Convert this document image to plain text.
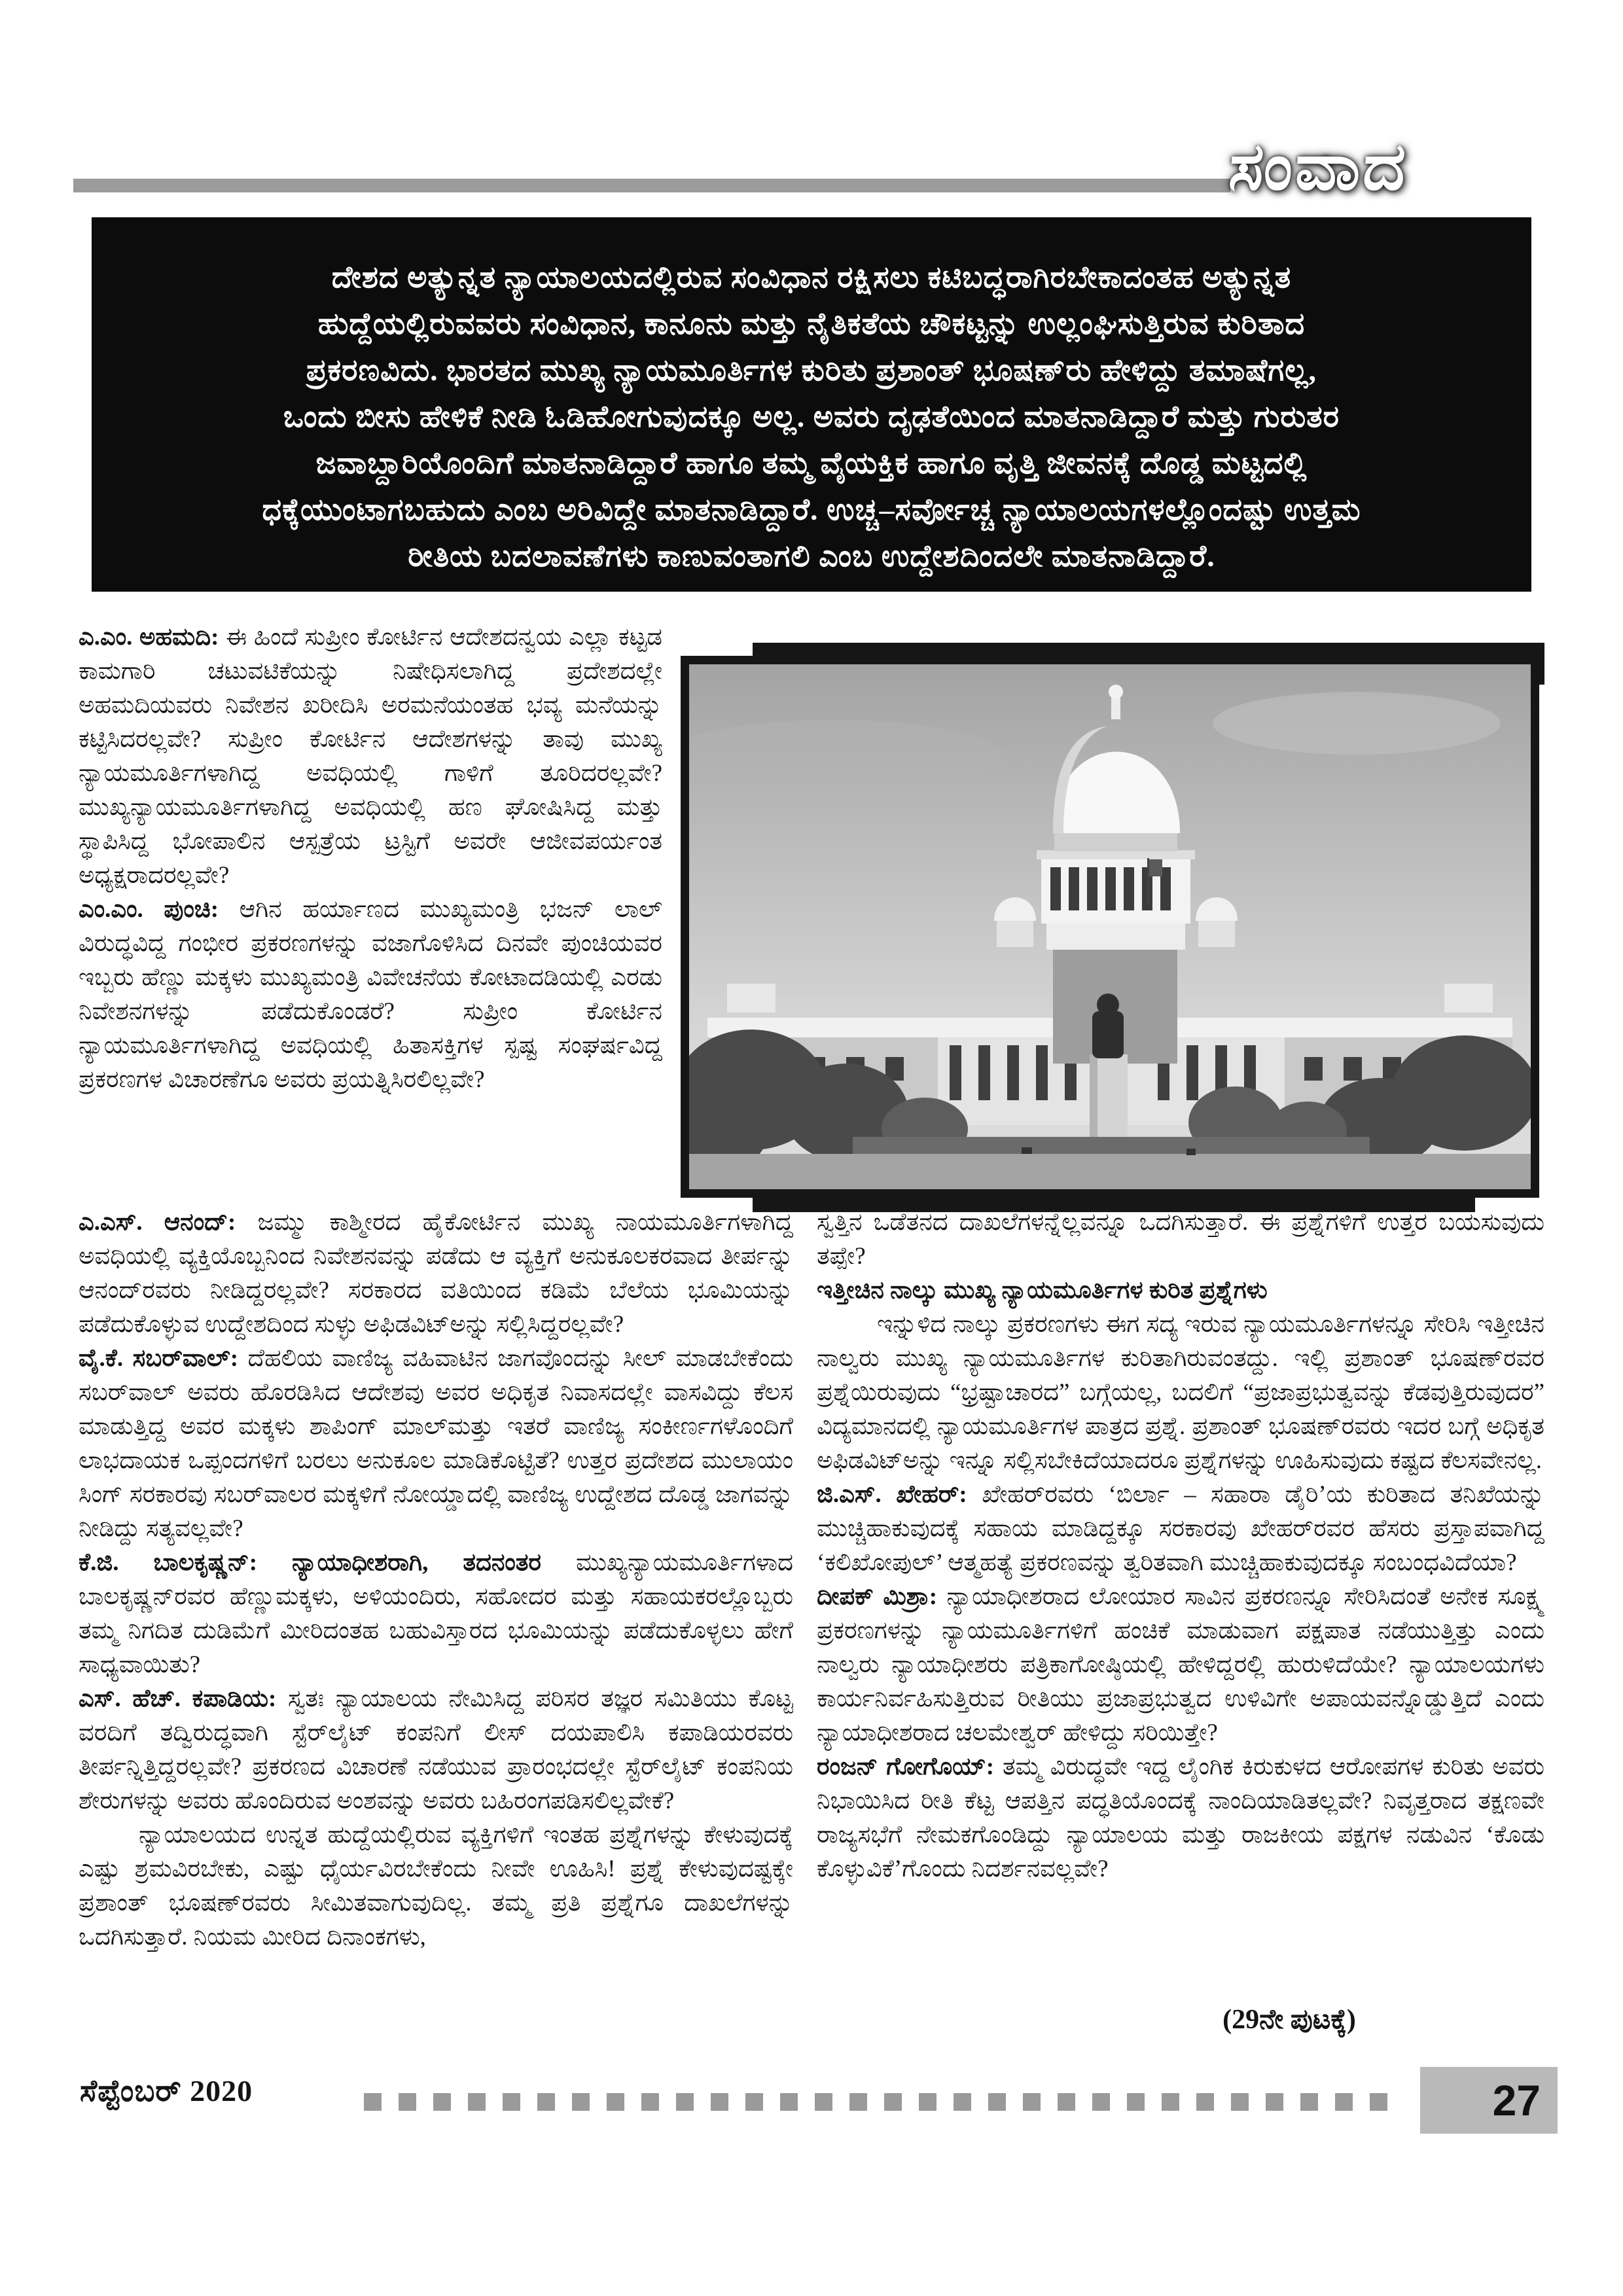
ಸಂವಾದ
ದೇಶದ ಅತ್ಯುನ್ನತ ನ್ಯಾಯಾಲಯದಲ್ಲಿರುವ ಸಂವಿಧಾನ ರಕ್ಷಿಸಲು ಕಟಿಬದ್ಧರಾಗಿರಬೇಕಾದಂತಹ ಅತ್ಯುನ್ನತ
ಹುದ್ದೆಯಲ್ಲಿರುವವರು ಸಂವಿಧಾನ, ಕಾನೂನು ಮತ್ತು ನೈತಿಕತೆಯ ಚೌಕಟ್ಟನ್ನು ಉಲ್ಲಂಘಿಸುತ್ತಿರುವ ಕುರಿತಾದ
ಪ್ರಕರಣವಿದು. ಭಾರತದ ಮುಖ್ಯ ನ್ಯಾಯಮೂರ್ತಿಗಳ ಕುರಿತು ಪ್ರಶಾಂತ್ ಭೂಷಣ್‌ರು ಹೇಳಿದ್ದು ತಮಾಷೆಗಲ್ಲ,
ಒಂದು ಬೀಸು ಹೇಳಿಕೆ ನೀಡಿ ಓಡಿಹೋಗುವುದಕ್ಕೂ ಅಲ್ಲ. ಅವರು ದೃಢತೆಯಿಂದ ಮಾತನಾಡಿದ್ದಾರೆ ಮತ್ತು ಗುರುತರ
ಜವಾಬ್ದಾರಿಯೊಂದಿಗೆ ಮಾತನಾಡಿದ್ದಾರೆ ಹಾಗೂ ತಮ್ಮ ವೈಯಕ್ತಿಕ ಹಾಗೂ ವೃತ್ತಿ ಜೀವನಕ್ಕೆ ದೊಡ್ಡ ಮಟ್ಟದಲ್ಲಿ
ಧಕ್ಕೆಯುಂಟಾಗಬಹುದು ಎಂಬ ಅರಿವಿದ್ದೇ ಮಾತನಾಡಿದ್ದಾರೆ. ಉಚ್ಚ–ಸರ್ವೋಚ್ಚ ನ್ಯಾಯಾಲಯಗಳಲ್ಲೊಂದಷ್ಟು ಉತ್ತಮ
ರೀತಿಯ ಬದಲಾವಣೆಗಳು ಕಾಣುವಂತಾಗಲಿ ಎಂಬ ಉದ್ದೇಶದಿಂದಲೇ ಮಾತನಾಡಿದ್ದಾರೆ.

ಎ.ಎಂ. ಅಹಮದಿ: ಈ ಹಿಂದೆ ಸುಪ್ರೀಂ ಕೋರ್ಟಿನ ಆದೇಶದನ್ವಯ ಎಲ್ಲಾ ಕಟ್ಟಡ ಕಾಮಗಾರಿ ಚಟುವಟಿಕೆಯನ್ನು ನಿಷೇಧಿಸಲಾಗಿದ್ದ ಪ್ರದೇಶದಲ್ಲೇ ಅಹಮದಿಯವರು ನಿವೇಶನ ಖರೀದಿಸಿ ಅರಮನೆಯಂತಹ ಭವ್ಯ ಮನೆಯನ್ನು ಕಟ್ಟಿಸಿದರಲ್ಲವೇ? ಸುಪ್ರೀಂ ಕೋರ್ಟಿನ ಆದೇಶಗಳನ್ನು ತಾವು ಮುಖ್ಯ ನ್ಯಾಯಮೂರ್ತಿಗಳಾಗಿದ್ದ ಅವಧಿಯಲ್ಲಿ ಗಾಳಿಗೆ ತೂರಿದರಲ್ಲವೇ? ಮುಖ್ಯನ್ಯಾಯಮೂರ್ತಿಗಳಾಗಿದ್ದ ಅವಧಿಯಲ್ಲಿ ಹಣ ಘೋಷಿಸಿದ್ದ ಮತ್ತು ಸ್ಥಾಪಿಸಿದ್ದ ಭೋಪಾಲಿನ ಆಸ್ಪತ್ರೆಯ ಟ್ರಸ್ಟಿಗೆ ಅವರೇ ಆಜೀವಪರ್ಯಂತ ಅಧ್ಯಕ್ಷರಾದರಲ್ಲವೇ?

ಎಂ.ಎಂ. ಪುಂಚಿ: ಆಗಿನ ಹರ್ಯಾಣದ ಮುಖ್ಯಮಂತ್ರಿ ಭಜನ್ ಲಾಲ್ ವಿರುದ್ಧವಿದ್ದ ಗಂಭೀರ ಪ್ರಕರಣಗಳನ್ನು ವಜಾಗೊಳಿಸಿದ ದಿನವೇ ಪುಂಚಿಯವರ ಇಬ್ಬರು ಹೆಣ್ಣು ಮಕ್ಕಳು ಮುಖ್ಯಮಂತ್ರಿ ವಿವೇಚನೆಯ ಕೋಟಾದಡಿಯಲ್ಲಿ ಎರಡು ನಿವೇಶನಗಳನ್ನು ಪಡೆದುಕೊಂಡರೆ? ಸುಪ್ರೀಂ ಕೋರ್ಟಿನ ನ್ಯಾಯಮೂರ್ತಿಗಳಾಗಿದ್ದ ಅವಧಿಯಲ್ಲಿ ಹಿತಾಸಕ್ತಿಗಳ ಸ್ಪಷ್ಟ ಸಂಘರ್ಷವಿದ್ದ ಪ್ರಕರಣಗಳ ವಿಚಾರಣೆಗೂ ಅವರು ಪ್ರಯತ್ನಿಸಿರಲಿಲ್ಲವೇ?

ಎ.ಎಸ್. ಆನಂದ್: ಜಮ್ಮು ಕಾಶ್ಮೀರದ ಹೈಕೋರ್ಟಿನ ಮುಖ್ಯ ನಾಯಮೂರ್ತಿಗಳಾಗಿದ್ದ ಅವಧಿಯಲ್ಲಿ ವ್ಯಕ್ತಿಯೊಬ್ಬನಿಂದ ನಿವೇಶನವನ್ನು ಪಡೆದು ಆ ವ್ಯಕ್ತಿಗೆ ಅನುಕೂಲಕರವಾದ ತೀರ್ಪನ್ನು ಆನಂದ್‌ರವರು ನೀಡಿದ್ದರಲ್ಲವೇ? ಸರಕಾರದ ವತಿಯಿಂದ ಕಡಿಮೆ ಬೆಲೆಯ ಭೂಮಿಯನ್ನು ಪಡೆದುಕೊಳ್ಳುವ ಉದ್ದೇಶದಿಂದ ಸುಳ್ಳು ಅಫಿಡವಿಟ್‌ಅನ್ನು ಸಲ್ಲಿಸಿದ್ದರಲ್ಲವೇ?

ವೈ.ಕೆ. ಸಬರ್‌ವಾಲ್: ದೆಹಲಿಯ ವಾಣಿಜ್ಯ ವಹಿವಾಟಿನ ಜಾಗವೊಂದನ್ನು ಸೀಲ್ ಮಾಡಬೇಕೆಂದು ಸಬರ್‌ವಾಲ್ ಅವರು ಹೊರಡಿಸಿದ ಆದೇಶವು ಅವರ ಅಧಿಕೃತ ನಿವಾಸದಲ್ಲೇ ವಾಸವಿದ್ದು ಕೆಲಸ ಮಾಡುತ್ತಿದ್ದ ಅವರ ಮಕ್ಕಳು ಶಾಪಿಂಗ್ ಮಾಲ್‌ಮತ್ತು ಇತರೆ ವಾಣಿಜ್ಯ ಸಂಕೀರ್ಣಗಳೊಂದಿಗೆ ಲಾಭದಾಯಕ ಒಪ್ಪಂದಗಳಿಗೆ ಬರಲು ಅನುಕೂಲ ಮಾಡಿಕೊಟ್ಟಿತೆ? ಉತ್ತರ ಪ್ರದೇಶದ ಮುಲಾಯಂ ಸಿಂಗ್ ಸರಕಾರವು ಸಬರ್‌ವಾಲರ ಮಕ್ಕಳಿಗೆ ನೋಯ್ಡಾದಲ್ಲಿ ವಾಣಿಜ್ಯ ಉದ್ದೇಶದ ದೊಡ್ಡ ಜಾಗವನ್ನು ನೀಡಿದ್ದು ಸತ್ಯವಲ್ಲವೇ?

ಕೆ.ಜಿ. ಬಾಲಕೃಷ್ಣನ್: ನ್ಯಾಯಾಧೀಶರಾಗಿ, ತದನಂತರ ಮುಖ್ಯನ್ಯಾಯಮೂರ್ತಿಗಳಾದ ಬಾಲಕೃಷ್ಣನ್‌ರವರ ಹೆಣ್ಣುಮಕ್ಕಳು, ಅಳಿಯಂದಿರು, ಸಹೋದರ ಮತ್ತು ಸಹಾಯಕರಲ್ಲೊಬ್ಬರು ತಮ್ಮ ನಿಗದಿತ ದುಡಿಮೆಗೆ ಮೀರಿದಂತಹ ಬಹುವಿಸ್ತಾರದ ಭೂಮಿಯನ್ನು ಪಡೆದುಕೊಳ್ಳಲು ಹೇಗೆ ಸಾಧ್ಯವಾಯಿತು?

ಎಸ್. ಹೆಚ್. ಕಪಾಡಿಯ: ಸ್ವತಃ ನ್ಯಾಯಾಲಯ ನೇಮಿಸಿದ್ದ ಪರಿಸರ ತಜ್ಞರ ಸಮಿತಿಯು ಕೊಟ್ಟ ವರದಿಗೆ ತದ್ವಿರುದ್ಧವಾಗಿ ಸ್ಟೆರ್‌ಲೈಟ್ ಕಂಪನಿಗೆ ಲೀಸ್ ದಯಪಾಲಿಸಿ ಕಪಾಡಿಯರವರು ತೀರ್ಪನ್ನಿತ್ತಿದ್ದರಲ್ಲವೇ? ಪ್ರಕರಣದ ವಿಚಾರಣೆ ನಡೆಯುವ ಪ್ರಾರಂಭದಲ್ಲೇ ಸ್ಟೆರ್‌ಲೈಟ್ ಕಂಪನಿಯ ಶೇರುಗಳನ್ನು ಅವರು ಹೊಂದಿರುವ ಅಂಶವನ್ನು ಅವರು ಬಹಿರಂಗಪಡಿಸಲಿಲ್ಲವೇಕೆ?

ನ್ಯಾಯಾಲಯದ ಉನ್ನತ ಹುದ್ದೆಯಲ್ಲಿರುವ ವ್ಯಕ್ತಿಗಳಿಗೆ ಇಂತಹ ಪ್ರಶ್ನೆಗಳನ್ನು ಕೇಳುವುದಕ್ಕೆ ಎಷ್ಟು ಶ್ರಮವಿರಬೇಕು, ಎಷ್ಟು ಧೈರ್ಯವಿರಬೇಕೆಂದು ನೀವೇ ಊಹಿಸಿ! ಪ್ರಶ್ನೆ ಕೇಳುವುದಷ್ಟಕ್ಕೇ ಪ್ರಶಾಂತ್ ಭೂಷಣ್‌ರವರು ಸೀಮಿತವಾಗುವುದಿಲ್ಲ. ತಮ್ಮ ಪ್ರತಿ ಪ್ರಶ್ನೆಗೂ ದಾಖಲೆಗಳನ್ನು ಒದಗಿಸುತ್ತಾರೆ. ನಿಯಮ ಮೀರಿದ ದಿನಾಂಕಗಳು,

ಸ್ವತ್ತಿನ ಒಡೆತನದ ದಾಖಲೆಗಳನ್ನೆಲ್ಲವನ್ನೂ ಒದಗಿಸುತ್ತಾರೆ. ಈ ಪ್ರಶ್ನೆಗಳಿಗೆ ಉತ್ತರ ಬಯಸುವುದು ತಪ್ಪೇ?

ಇತ್ತೀಚಿನ ನಾಲ್ಕು ಮುಖ್ಯ ನ್ಯಾಯಮೂರ್ತಿಗಳ ಕುರಿತ ಪ್ರಶ್ನೆಗಳು

ಇನ್ನುಳಿದ ನಾಲ್ಕು ಪ್ರಕರಣಗಳು ಈಗ ಸದ್ಯ ಇರುವ ನ್ಯಾಯಮೂರ್ತಿಗಳನ್ನೂ ಸೇರಿಸಿ ಇತ್ತೀಚಿನ ನಾಲ್ವರು ಮುಖ್ಯ ನ್ಯಾಯಮೂರ್ತಿಗಳ ಕುರಿತಾಗಿರುವಂತದ್ದು. ಇಲ್ಲಿ ಪ್ರಶಾಂತ್ ಭೂಷಣ್‌ರವರ ಪ್ರಶ್ನೆಯಿರುವುದು “ಭ್ರಷ್ಟಾಚಾರದ” ಬಗ್ಗೆಯಲ್ಲ, ಬದಲಿಗೆ “ಪ್ರಜಾಪ್ರಭುತ್ವವನ್ನು ಕೆಡವುತ್ತಿರುವುದರ” ವಿದ್ಯಮಾನದಲ್ಲಿ ನ್ಯಾಯಮೂರ್ತಿಗಳ ಪಾತ್ರದ ಪ್ರಶ್ನೆ. ಪ್ರಶಾಂತ್ ಭೂಷಣ್‌ರವರು ಇದರ ಬಗ್ಗೆ ಅಧಿಕೃತ ಅಫಿಡವಿಟ್‌ಅನ್ನು ಇನ್ನೂ ಸಲ್ಲಿಸಬೇಕಿದೆಯಾದರೂ ಪ್ರಶ್ನೆಗಳನ್ನು ಊಹಿಸುವುದು ಕಷ್ಟದ ಕೆಲಸವೇನಲ್ಲ.

ಜಿ.ಎಸ್. ಖೇಹರ್: ಖೇಹರ್‌ರವರು ‘ಬಿರ್ಲಾ – ಸಹಾರಾ ಡೈರಿ’ಯ ಕುರಿತಾದ ತನಿಖೆಯನ್ನು ಮುಚ್ಚಿಹಾಕುವುದಕ್ಕೆ ಸಹಾಯ ಮಾಡಿದ್ದಕ್ಕೂ ಸರಕಾರವು ಖೇಹರ್‌ರವರ ಹೆಸರು ಪ್ರಸ್ತಾಪವಾಗಿದ್ದ ‘ಕಲಿಖೋಪುಲ್’ ಆತ್ಮಹತ್ಯೆ ಪ್ರಕರಣವನ್ನು ತ್ವರಿತವಾಗಿ ಮುಚ್ಚಿಹಾಕುವುದಕ್ಕೂ ಸಂಬಂಧವಿದೆಯಾ?

ದೀಪಕ್ ಮಿಶ್ರಾ: ನ್ಯಾಯಾಧೀಶರಾದ ಲೋಯಾರ ಸಾವಿನ ಪ್ರಕರಣನ್ನೂ ಸೇರಿಸಿದಂತೆ ಅನೇಕ ಸೂಕ್ಷ್ಮ ಪ್ರಕರಣಗಳನ್ನು ನ್ಯಾಯಮೂರ್ತಿಗಳಿಗೆ ಹಂಚಿಕೆ ಮಾಡುವಾಗ ಪಕ್ಷಪಾತ ನಡೆಯುತ್ತಿತ್ತು ಎಂದು ನಾಲ್ವರು ನ್ಯಾಯಾಧೀಶರು ಪತ್ರಿಕಾಗೋಷ್ಠಿಯಲ್ಲಿ ಹೇಳಿದ್ದರಲ್ಲಿ ಹುರುಳಿದೆಯೇ? ನ್ಯಾಯಾಲಯಗಳು ಕಾರ್ಯನಿರ್ವಹಿಸುತ್ತಿರುವ ರೀತಿಯು ಪ್ರಜಾಪ್ರಭುತ್ವದ ಉಳಿವಿಗೇ ಅಪಾಯವನ್ನೊಡ್ಡುತ್ತಿದೆ ಎಂದು ನ್ಯಾಯಾಧೀಶರಾದ ಚಲಮೇಶ್ವರ್ ಹೇಳಿದ್ದು ಸರಿಯಿತ್ತೇ?

ರಂಜನ್ ಗೋಗೊಯ್: ತಮ್ಮ ವಿರುದ್ಧವೇ ಇದ್ದ ಲೈಂಗಿಕ ಕಿರುಕುಳದ ಆರೋಪಗಳ ಕುರಿತು ಅವರು ನಿಭಾಯಿಸಿದ ರೀತಿ ಕೆಟ್ಟ ಆಪತ್ತಿನ ಪದ್ಧತಿಯೊಂದಕ್ಕೆ ನಾಂದಿಯಾಡಿತಲ್ಲವೇ? ನಿವೃತ್ತರಾದ ತಕ್ಷಣವೇ ರಾಜ್ಯಸಭೆಗೆ ನೇಮಕಗೊಂಡಿದ್ದು ನ್ಯಾಯಾಲಯ ಮತ್ತು ರಾಜಕೀಯ ಪಕ್ಷಗಳ ನಡುವಿನ ‘ಕೊಡು ಕೊಳ್ಳುವಿಕೆ’ಗೊಂದು ನಿದರ್ಶನವಲ್ಲವೇ?

(29ನೇ ಪುಟಕ್ಕೆ)
ಸೆಪ್ಟೆಂಬರ್ 2020	27
